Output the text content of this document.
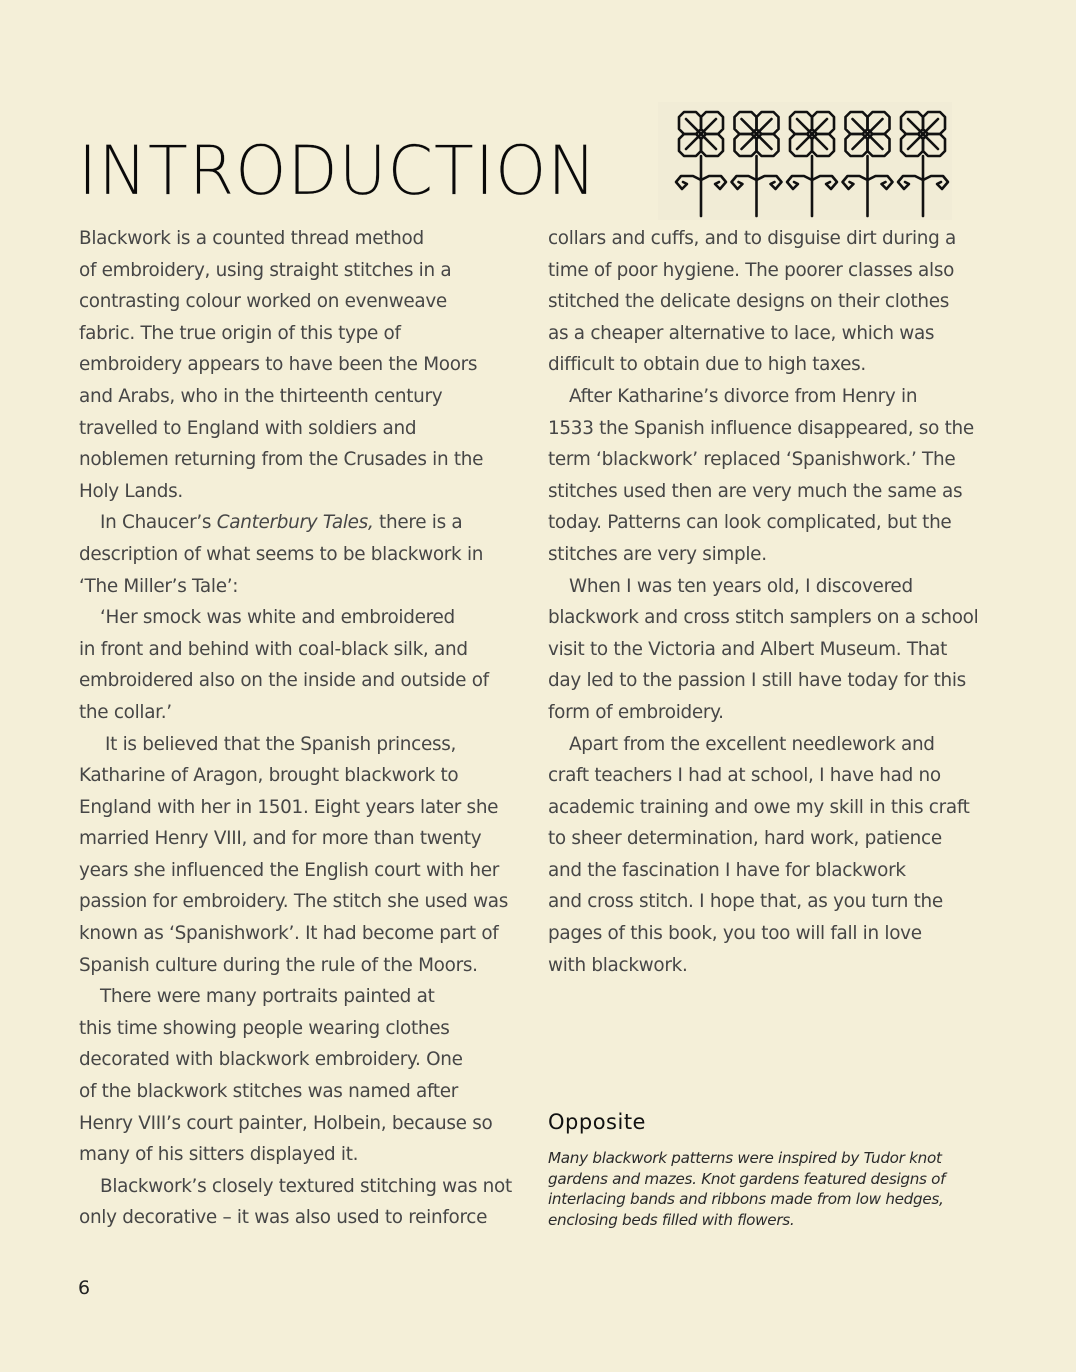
INTRODUCTION

Blackwork is a counted thread method

of embroidery, using straight stitches in a

contrasting colour worked on evenweave

fabric. The true origin of this type of

embroidery appears to have been the Moors

and Arabs, who in the thirteenth century

travelled to England with soldiers and

noblemen returning from the Crusades in the

Holy Lands.

In Chaucer’s Canterbury Tales, there is a

description of what seems to be blackwork in

‘The Miller’s Tale’:

‘Her smock was white and embroidered

in front and behind with coal-black silk, and

embroidered also on the inside and outside of

the collar.’

It is believed that the Spanish princess,

Katharine of Aragon, brought blackwork to

England with her in 1501. Eight years later she

married Henry VIII, and for more than twenty

years she influenced the English court with her

passion for embroidery. The stitch she used was

known as ‘Spanishwork’. It had become part of

Spanish culture during the rule of the Moors.

There were many portraits painted at

this time showing people wearing clothes

decorated with blackwork embroidery. One

of the blackwork stitches was named after

Henry VIII’s court painter, Holbein, because so

many of his sitters displayed it.

Blackwork’s closely textured stitching was not

only decorative – it was also used to reinforce

collars and cuffs, and to disguise dirt during a

time of poor hygiene. The poorer classes also

stitched the delicate designs on their clothes

as a cheaper alternative to lace, which was

difficult to obtain due to high taxes.

After Katharine’s divorce from Henry in

1533 the Spanish influence disappeared, so the

term ‘blackwork’ replaced ‘Spanishwork.’ The

stitches used then are very much the same as

today. Patterns can look complicated, but the

stitches are very simple.

When I was ten years old, I discovered

blackwork and cross stitch samplers on a school

visit to the Victoria and Albert Museum. That

day led to the passion I still have today for this

form of embroidery.

Apart from the excellent needlework and

craft teachers I had at school, I have had no

academic training and owe my skill in this craft

to sheer determination, hard work, patience

and the fascination I have for blackwork

and cross stitch. I hope that, as you turn the

pages of this book, you too will fall in love

with blackwork.

Opposite

Many blackwork patterns were inspired by Tudor knot

gardens and mazes. Knot gardens featured designs of

interlacing bands and ribbons made from low hedges,

enclosing beds filled with flowers.

6
